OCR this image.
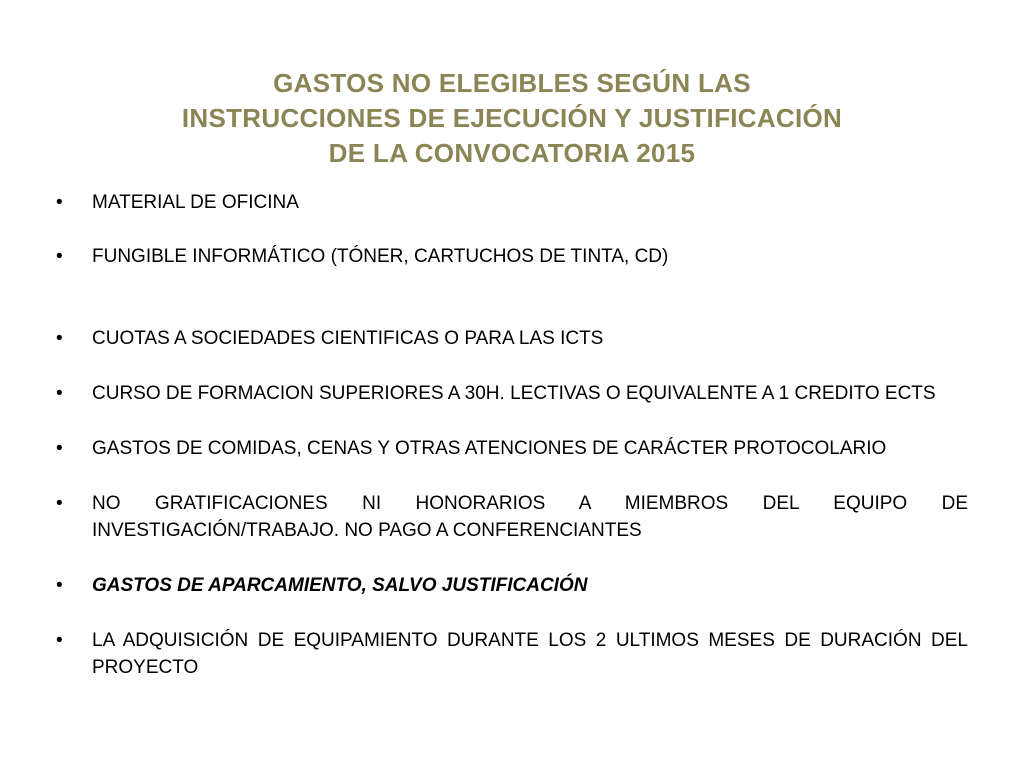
GASTOS NO ELEGIBLES SEGÚN LAS
INSTRUCCIONES DE EJECUCIÓN Y JUSTIFICACIÓN
DE LA CONVOCATORIA 2015
•	MATERIAL DE OFICINA
•	FUNGIBLE INFORMÁTICO (TÓNER, CARTUCHOS DE TINTA, CD)
•	CUOTAS A SOCIEDADES CIENTIFICAS O PARA LAS ICTS
•	CURSO DE FORMACION SUPERIORES A 30H. LECTIVAS O EQUIVALENTE A 1 CREDITO ECTS
•	GASTOS DE COMIDAS, CENAS Y OTRAS ATENCIONES DE CARÁCTER PROTOCOLARIO
•	NO GRATIFICACIONES NI HONORARIOS A MIEMBROS DEL EQUIPO DE INVESTIGACIÓN/TRABAJO. NO PAGO A CONFERENCIANTES
•	GASTOS DE APARCAMIENTO, SALVO JUSTIFICACIÓN
•	LA ADQUISICIÓN DE EQUIPAMIENTO DURANTE LOS 2 ULTIMOS MESES DE DURACIÓN DEL PROYECTO
